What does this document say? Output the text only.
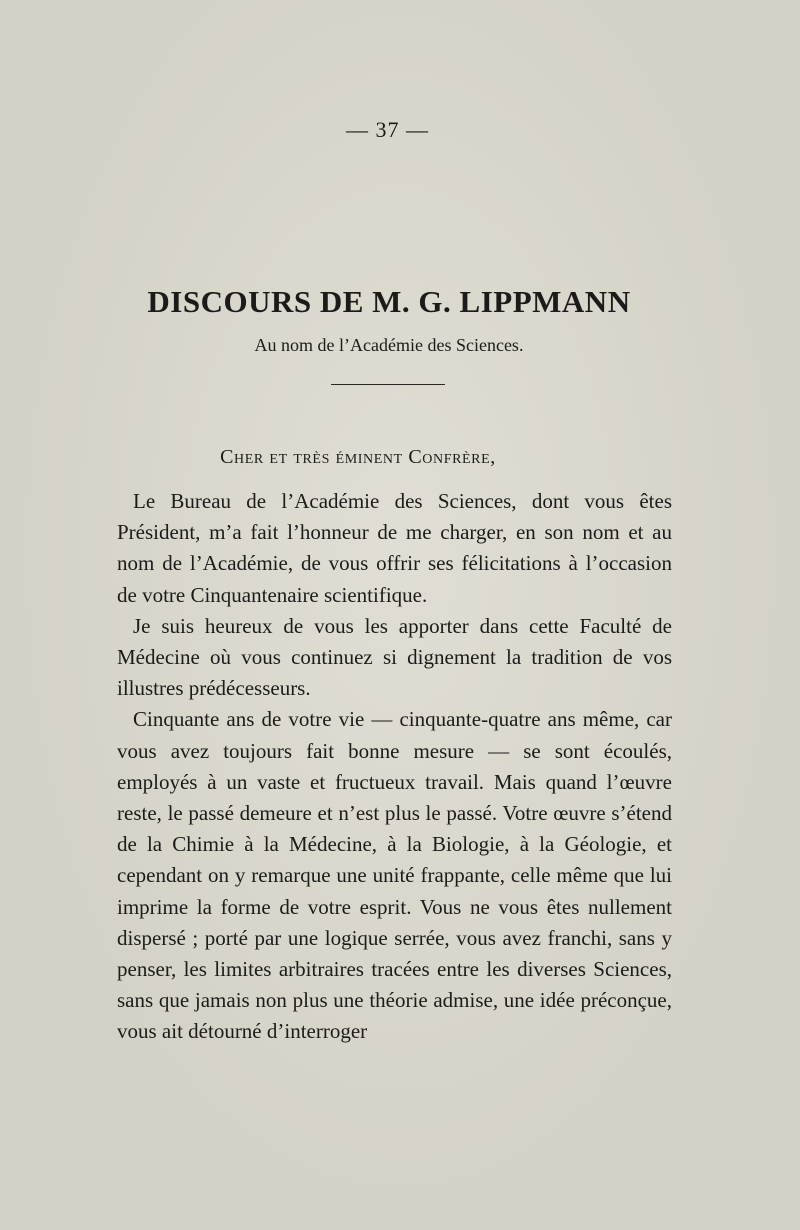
— 37 —
DISCOURS DE M. G. LIPPMANN
Au nom de l’Académie des Sciences.
Cher et très éminent Confrère,

Le Bureau de l’Académie des Sciences, dont vous êtes Président, m’a fait l’honneur de me charger, en son nom et au nom de l’Académie, de vous offrir ses félicitations à l’occasion de votre Cinquantenaire scientifique.

Je suis heureux de vous les apporter dans cette Faculté de Médecine où vous continuez si dignement la tradition de vos illustres prédécesseurs.

Cinquante ans de votre vie — cinquante-quatre ans même, car vous avez toujours fait bonne mesure — se sont écoulés, employés à un vaste et fructueux travail. Mais quand l’œuvre reste, le passé demeure et n’est plus le passé. Votre œuvre s’étend de la Chimie à la Médecine, à la Biologie, à la Géologie, et cependant on y remarque une unité frappante, celle même que lui imprime la forme de votre esprit. Vous ne vous êtes nullement dispersé ; porté par une logique serrée, vous avez franchi, sans y penser, les limites arbitraires tracées entre les diverses Sciences, sans que jamais non plus une théorie admise, une idée préconçue, vous ait détourné d’interroger
